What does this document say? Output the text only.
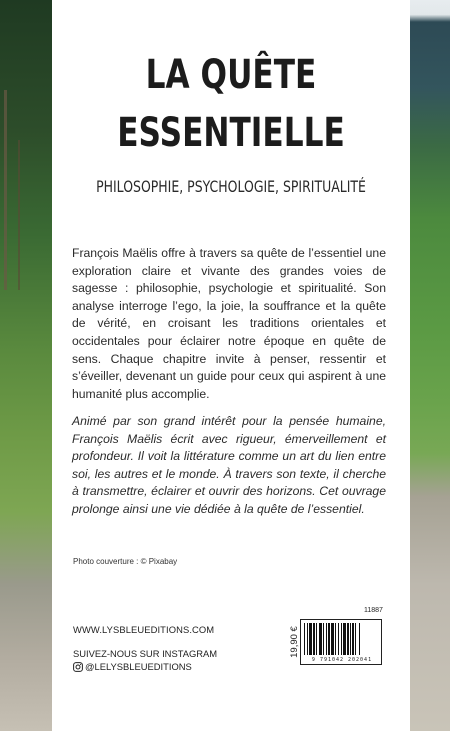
LA QUÊTE
ESSENTIELLE
PHILOSOPHIE, PSYCHOLOGIE, SPIRITUALITÉ

François Maëlis offre à travers sa quête de l’essentiel une exploration claire et vivante des grandes voies de sagesse : philosophie, psychologie et spiritualité. Son analyse interroge l’ego, la joie, la souffrance et la quête de vérité, en croisant les traditions orientales et occidentales pour éclairer notre époque en quête de sens. Chaque chapitre invite à penser, ressentir et s’éveiller, devenant un guide pour ceux qui aspirent à une humanité plus accomplie.

Animé par son grand intérêt pour la pensée humaine, François Maëlis écrit avec rigueur, émerveillement et profondeur. Il voit la littérature comme un art du lien entre soi, les autres et le monde. À travers son texte, il cherche à transmettre, éclairer et ouvrir des horizons. Cet ouvrage prolonge ainsi une vie dédiée à la quête de l’essentiel.

Photo couverture : © Pixabay
WWW.LYSBLEUEDITIONS.COM
SUIVEZ-NOUS SUR INSTAGRAM
@LELYSBLEUEDITIONS
11887
19,90 €
9 791042 202041
